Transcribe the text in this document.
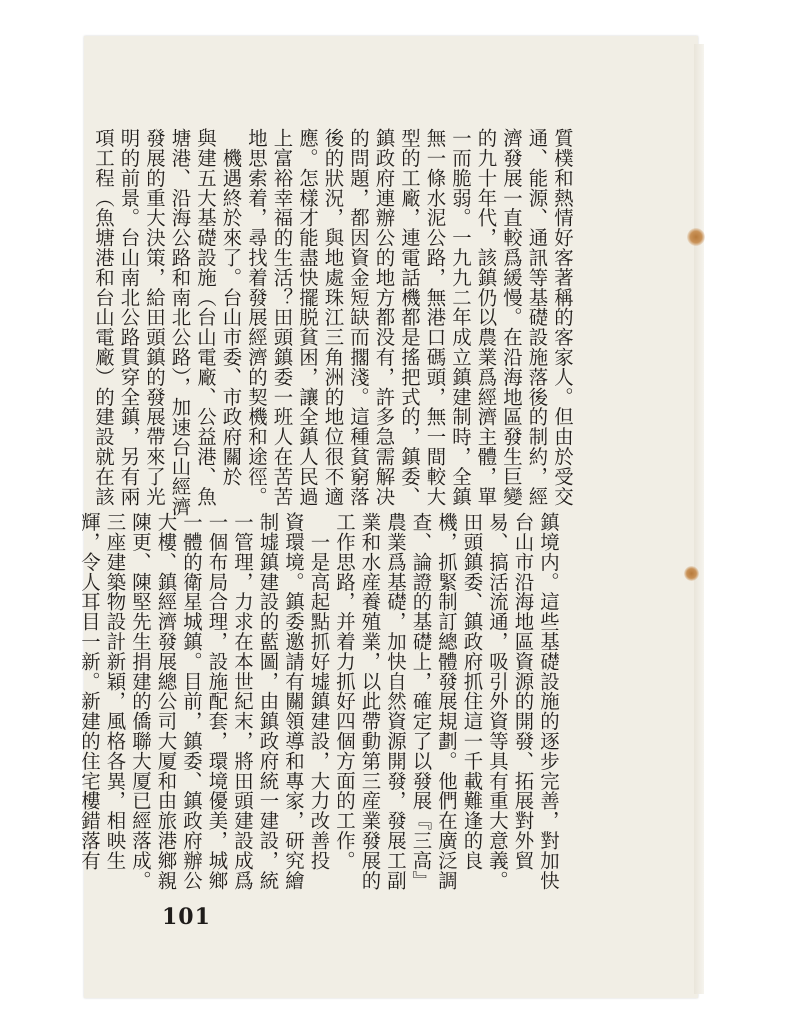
質樸和熱情好客著稱的客家人。但由於受交
通、能源、通訊等基礎設施落後的制約，經
濟發展一直較爲緩慢。在沿海地區發生巨變
的九十年代，該鎮仍以農業爲經濟主體，單
一而脆弱。一九九二年成立鎮建制時，全鎮
無一條水泥公路，無港口碼頭，無一間較大
型的工廠，連電話機都是搖把式的，鎮委、
鎮政府連辦公的地方都没有，許多急需解决
的問題，都因資金短缺而擱淺。這種貧窮落
後的狀況，與地處珠江三角洲的地位很不適
應。怎樣才能盡快擺脱貧困，讓全鎮人民過
上富裕幸福的生活？田頭鎮委一班人在苦苦
地思索着，尋找着發展經濟的契機和途徑。
　機遇終於來了。台山市委、市政府關於
與建五大基礎設施（台山電廠、公益港、魚
塘港、沿海公路和南北公路），加速台山經濟
發展的重大決策，給田頭鎮的發展帶來了光
明的前景。台山南北公路貫穿全鎮，另有兩
項工程（魚塘港和台山電廠）的建設就在該
鎮境内。這些基礎設施的逐步完善，對加快
台山市沿海地區資源的開發、拓展對外貿
易、搞活流通，吸引外資等具有重大意義。
田頭鎮委、鎮政府抓住這一千載難逢的良
機，抓緊制訂總體發展規劃。他們在廣泛調
查、論證的基礎上，確定了以發展『三高』
農業爲基礎，加快自然資源開發，發展工副
業和水産養殖業，以此帶動第三産業發展的
工作思路，并着力抓好四個方面的工作。
　一是高起點抓好墟鎮建設，大力改善投
資環境。鎮委邀請有關領導和專家，研究繪
制墟鎮建設的藍圖，由鎮政府統一建設，統
一管理，力求在本世紀末，將田頭建設成爲
一個布局合理，設施配套，環境優美，城鄉
一體的衛星城鎮。目前，鎮委、鎮政府辦公
大樓、鎮經濟發展總公司大厦和由旅港鄉親
陳更、陳堅先生捐建的僑聯大厦已經落成。
三座建築物設計新穎，風格各異，相映生
輝，令人耳目一新。新建的住宅樓錯落有
101
